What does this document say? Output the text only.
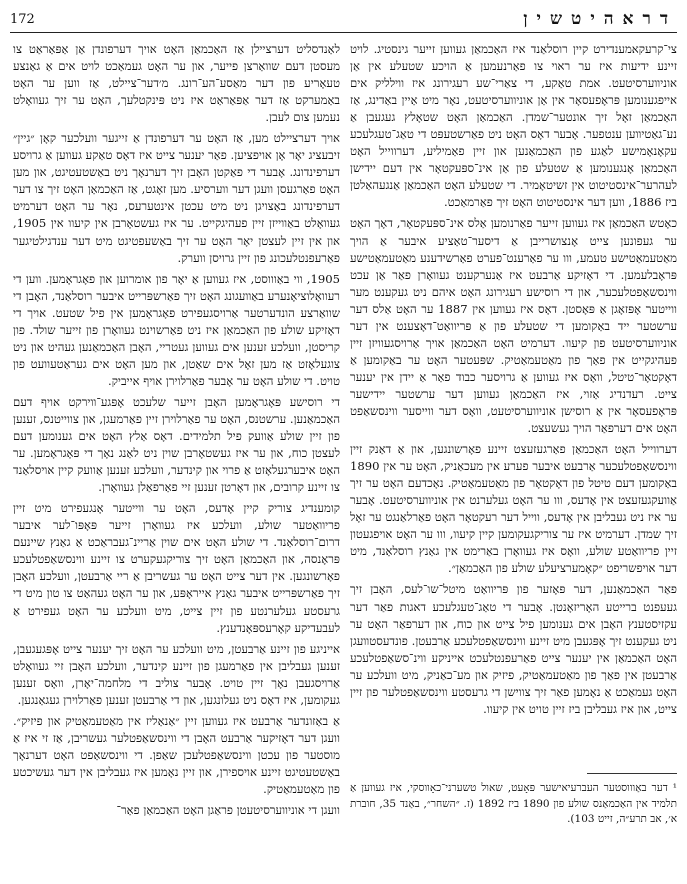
172	דראהיטשין

צי־קרעקאמענדירט קיין רוסלאַנד איז האַכמאַן געווען זייער גינסטיג. לויט זיינע ידיעות איז ער ראוי צו פאַרנעמען אַ הויכע שטעלע אין אַן אוניווערסיטעט. אמת טאַקע, די צאַרי־שע רעגירונג איז ווילליק אים אייפגענומען פּראָפעסאָר אין אַן אוניווערסיטעט, נאָר מיט אַיין באַדינג, אַז האַכמאַן זאָל זיך אונטער־שמדן. האַכמאַן האָט שטאָלץ געגעבן אַ נע־גאַטיווען ענטפער. אָבער דאָס האָט ניט פאַרשטעפּט די טאַג־טעגלעכע עקאָנאָמישע לאַגע פון האַכמאַנען און זיין פאַמיליע, דערווייל האָט האַכמאַן אָנגענומען אַ שטעלע פון אַן אינ־ספּעקטאָר אין דעם יידישן לעהרער־אינסטיטוט אין זשיטאָמיר. די שטעלע האָט האַכמאַן אַנגעהאַלטן ביז 1886, ווען דער אינסטיטוט האָט זיך פאַרמאַכט.

כאָטש האַכמאַן איז געווען זייער פאַרנומען אַלס אינ־ספּעקטאָר, דאָך האָט ער געפונען צייט אָנצושרייבן אַ דיסער־טאַציע איבער אַ הויך מאַטעמאַטישע טעמע, ווו ער פאַרענט־פערט פאַרשידענע מאַטעמאַטישע פּראָבלעמען. די דאָזיקע אַרבעט איז אַנערקענט געוואָרן פאַר אַן עכט ווינסשאַפטלעכער, און די רוסישע רעגירונג האָט איהם ניט געקענט מער ווייטער אָפּזאָגן אַ פּאָסטן. דאָס איז געווען אין 1887 ער האָט אַלס דער ערשטער ייד באַקומען די שטעלע פון אַ פּריוואַט־דאָצענט אין דער אוניווערסיטעט פון קיעוו. דערמיט האָט האַכמאַן אויך אַרויסגעוויזן זיין פעהיגקייט אין פאַך פון מאַטעמאַטיק. שפּעטער האָט ער באַקומען אַ דאָקטאָר־טיטל, וואָס איז געווען אַ גרויסער כבוד פאַר אַ יידן אין יענער צייט. רעדנדיג אַזוי, איז האַכמאַן געווען דער ערשטער יידישער פּראָפעסאָר אין אַ רוסישן אוניווערסיטעט, וואָס דער ווייסער ווינסשאַפט האָט אים דערפאַר הויך געשעצט.

דערווייל האָט האַכמאַן פאַרגעזעצט זיינע פאָרשונגען, און אַ דאַנק זיין ווינסשאַפטלעכער אַרבעט איבער פערע אין מעכאַניק, האָט ער אין 1890 באַקומען דעם טיטל פון דאָקטאָר פון מאַטעמאַטיק. נאָכדעם האָט ער זיך אַוועקגעזעצט אין אָדעס, ווו ער האָט געלערנט אין אוניווערסיטעט. אָבער ער איז ניט געבליבן אין אָדעס, ווייל דער רעקטאָר האָט פאַרלאַנגט ער זאָל זיך שמדן. דערמיט איז ער צוריקגעקומען קיין קיעוו, ווו ער האָט אויפגעטון זיין פריוואַטע שולע, וואָס איז געוואָרן באַרימט אין גאַנץ רוסלאַנד, מיט דער אויפשריפט ״קאָמערציעלע שולע פון האַכמאַן״.

פאַר האַכמאַנען, דער פּאָזער פון פּריוואַט מיטל־שו־לעס, האָבן זיך געעפנט ברייטע האָריזאָנטן. אָבער די טאַג־טעגלעכע דאגות פאַר דער עקזיסטענץ האָבן אים גענומען פיל צייט און כוח, און דערפאַר האָט ער ניט געקענט זיך אָפּגעבן מיט זיינע ווינסשאַפטלעכע אַרבעטן. פונדעסטוועגן האָט האַכמאַן אין יענער צייט פאַרעפנטלעכט אייניקע ווינ־סשאַפטלעכע אַרבעטן אין פאַך פון מאַטעמאַטיק, פיזיק און מע־כאַניק, מיט וועלכע ער האָט געמאַכט אַ נאָמען פאַר זיך צווישן די גרעסטע ווינסשאַפטלער פון זיין צייט, און איז געבליבן ביז זיין טויט אין קיעוו.

¹ דער באַוווסטער העברעיאישער פּאָעט, שאול טשערני־כאָווסקי, איז געווען אַ תלמיד אין האַכמאַנס שולע פון 1890 ביז 1892 (ז. ״השחר״, באַנד 35, חוברת א׳, אב תרע״ה, זייט 103).

לאַנדסליט דערציילן אַז האַכמאַן האָט אויך דערפונדן אַן אַפּאַראַט צו מעסטן דעם שוואַרצן פייער, און ער האָט געמאַכט לויט אים אַ גאַנצע טעאָריע פון דער מאַסע־הע־רונג. מ׳דער־ציילט, אַז ווען ער האָט באַמערקט אַז דער אַפּאַראַט איז ניט פּינקטלעך, האָט ער זיך געוואָלט נעמען צום לעבן.

אויך דערציילט מען, אַז האָט ער דערפונדן אַ זייגער וועלכער קאָן ״גיין״ זיבעציג יאָר אָן אויפציען. פאַר יענער צייט איז דאָס טאַקע געווען אַ גרויסע דערפינדונג. אָבער די פאַקטן האָבן זיך דערנאָך ניט באַשטעטיגט, און מען האָט פאַרגעסן וועגן דער ווערסיע. מען זאָגט, אַז האַכמאַן האָט זיך צו דער דערפינדונג באַצויגן ניט מיט עכטן אינטערעס, נאָר ער האָט דערמיט געוואָלט באַווייזן זיין פעהיגקייט. ער איז געשטאָרבן אין קיעוו אין 1905, און אין זיין לעצטן יאָר האָט ער זיך באַשעפטיגט מיט דער ענדגילטיגער פאַרעפנטלעכונג פון זיין גרויסן ווערק.

1905, ווי באַוווסט, איז געווען אַ יאָר פון אומרוען און פאָגראָמען. ווען די רעוואָלוציאָנערע באַוועגונג האָט זיך פאַרשפּרייט איבער רוסלאַנד, האָבן די שוואַרצע הונדערטער אַרויסגעפירט פאָגראָמען אין פיל שטעט. אויך די דאָזיקע שולע פון האַכמאַן איז ניט פאַרשוינט געוואָרן פון זייער שולד. פון קריסטן, וועלכע זענען אים געווען געטריי, האָבן האַכמאַנען געהיט און ניט צוגעלאָזט אַז מען זאָל אים שאַטן, און מען האָט אים געראַטעוועט פון טויט. די שולע האָט ער אָבער פאַרלוירן אויף אייביק.

די רוסישע פּאָגראָמען האָבן זייער שלעכט אָפּגע־ווירקט אויף דעם האַכמאַנען. ערשטנס, האָט ער פאַרלוירן זיין פאַרמעגן, און צווייטנס, זענען פון זיין שולע אַוועק פיל תלמידים. דאָס אַלץ האָט אים גענומען דעם לעצטן כוח, און ער איז געשטאָרבן שוין ניט לאַנג נאָך די פּאָגראָמען. ער האָט איבערגעלאָזט אַ פרוי און קינדער, וועלכע זענען אַוועק קיין אויסלאַנד צו זיינע קרובים, און דאָרטן זענען זיי פאַרפאַלן געוואָרן.

קומענדיג צוריק קיין אָדעס, האָט ער ווייטער אָנגעפירט מיט זיין פריוואַטער שולע, וועלכע איז געוואָרן זייער פּאָפּו־לער איבער דרום־רוסלאַנד. די שולע האָט אים שוין אַריינ־געבראַכט אַ גאַנץ שיינעם פּראָנסה, און האַכמאַן האָט זיך צוריקגעקערט צו זיינע ווינסשאַפטלעכע פאָרשונגען. אין דער צייט האָט ער געשריבן אַ ריי אַרבעטן, וועלכע האָבן זיך פאַרשפּרייט איבער גאַנץ אייראָפּע, און ער האָט געהאַט צו טון מיט די גרעסטע געלערנטע פון זיין צייט, מיט וועלכע ער האָט געפירט אַ לעבעדיקע קאָרעספּאָנדענץ.

אייניגע פון זיינע אַרבעטן, מיט וועלכע ער האָט זיך יענער צייט אָפּגעגעבן, זענען געבליבן אין פאַרמעגן פון זיינע קינדער, וועלכע האָבן זיי געוואָלט אַרויסגעבן נאָך זיין טויט. אָבער צוליב די מלחמה־יאָרן, וואָס זענען געקומען, איז דאָס ניט געלונגען, און די אַרבעטן זענען פאַרלוירן געגאַנגען.

אַ באַזונדער אַרבעט איז געווען זיין ״אַנאַליז אין מאַטעמאַטיק און פיזיק״. וועגן דער דאָזיקער אַרבעט האָבן די ווינסשאַפטלער געשריבן, אַז זי איז אַ מוסטער פון עכטן ווינסשאַפטלעכן שאַפן. די ווינסשאַפט האָט דערנאָך באַשטעטיגט זיינע אויספירן, און זיין נאָמען איז געבליבן אין דער געשיכטע פון מאַטעמאַטיק.

וועגן די אוניווערסיטעטן פראַגן האָט האַכמאַן פאַר־
